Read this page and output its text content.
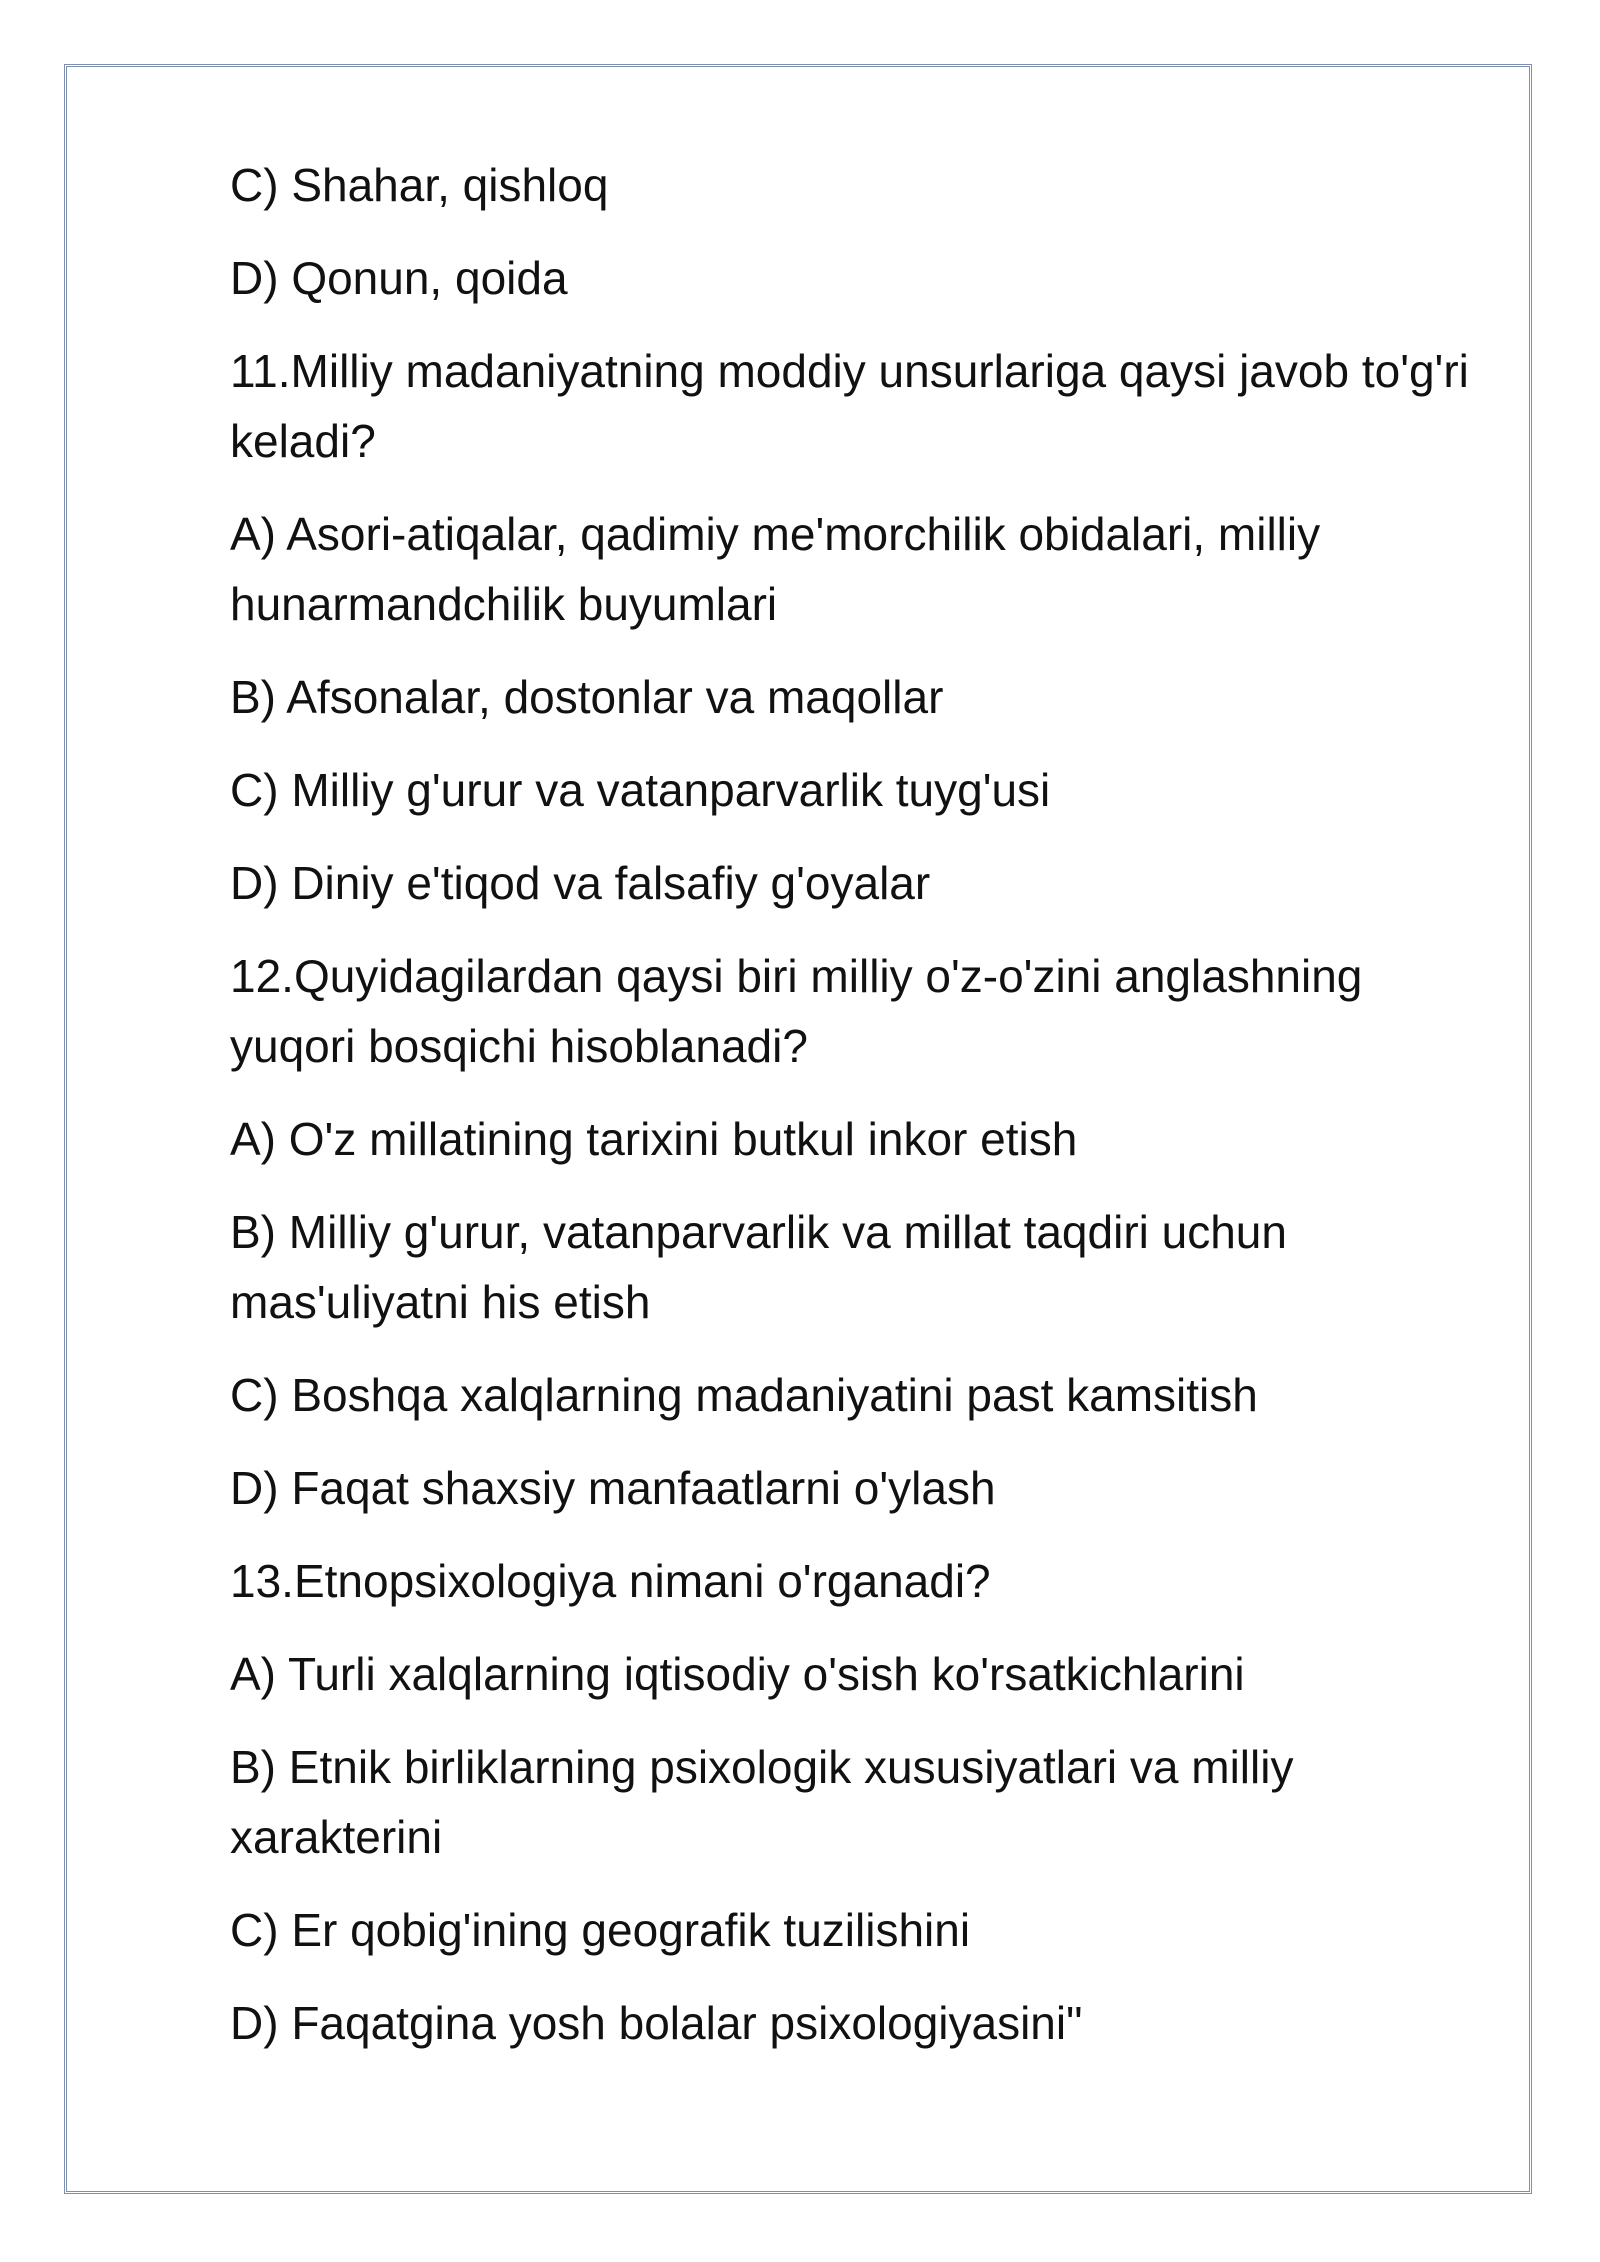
C) Shahar, qishloq

D) Qonun, qoida

11.Milliy madaniyatning moddiy unsurlariga qaysi javob to'g'ri keladi?

A) Asori-atiqalar, qadimiy me'morchilik obidalari, milliy hunarmandchilik buyumlari

B) Afsonalar, dostonlar va maqollar

C) Milliy g'urur va vatanparvarlik tuyg'usi

D) Diniy e'tiqod va falsafiy g'oyalar

12.Quyidagilardan qaysi biri milliy o'z-o'zini anglashning yuqori bosqichi hisoblanadi?

A) O'z millatining tarixini butkul inkor etish

B) Milliy g'urur, vatanparvarlik va millat taqdiri uchun mas'uliyatni his etish

C) Boshqa xalqlarning madaniyatini past kamsitish

D) Faqat shaxsiy manfaatlarni o'ylash

13.Etnopsixologiya nimani o'rganadi?

A) Turli xalqlarning iqtisodiy o'sish ko'rsatkichlarini

B) Etnik birliklarning psixologik xususiyatlari va milliy xarakterini

C) Er qobig'ining geografik tuzilishini

D) Faqatgina yosh bolalar psixologiyasini"
